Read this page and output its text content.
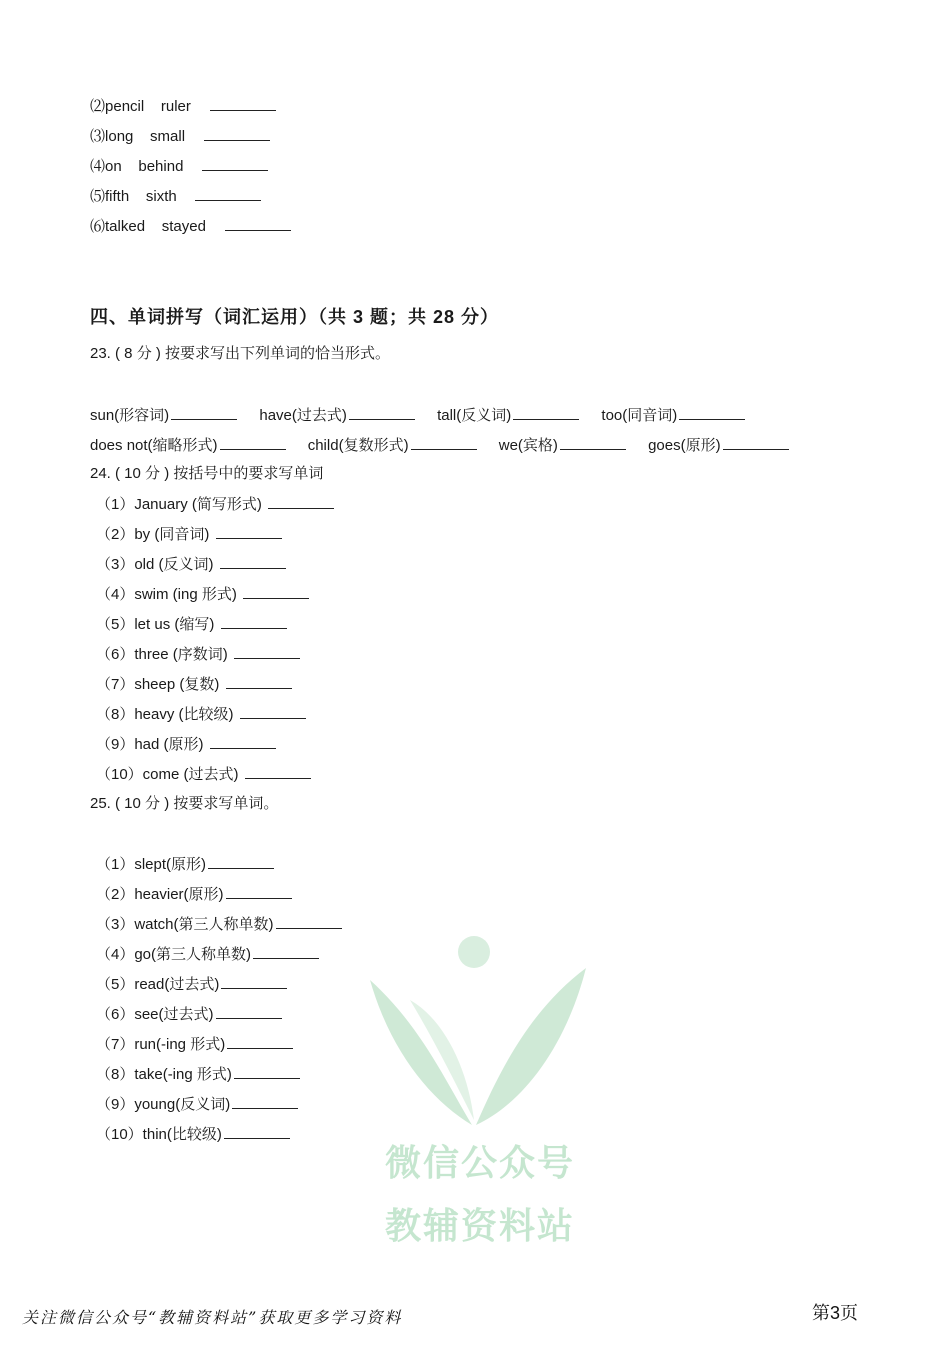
⑵pencil    ruler
⑶long    small
⑷on    behind
⑸fifth    sixth
⑹talked    stayed
四、单词拼写（词汇运用）（共 3 题；共 28 分）
23. ( 8 分 ) 按要求写出下列单词的恰当形式。
sun(形容词)	have(过去式)	tall(反义词)	too(同音词)
does not(缩略形式)	child(复数形式)	we(宾格)	goes(原形)
24. ( 10 分 ) 按括号中的要求写单词
（1）January (简写形式)
（2）by (同音词)
（3）old (反义词)
（4）swim (ing 形式)
（5）let us (缩写)
（6）three (序数词)
（7）sheep (复数)
（8）heavy (比较级)
（9）had (原形)
（10）come (过去式)
25. ( 10 分 ) 按要求写单词。
（1）slept(原形)
（2）heavier(原形)
（3）watch(第三人称单数)
（4）go(第三人称单数)
（5）read(过去式)
（6）see(过去式)
（7）run(-ing 形式)
（8）take(-ing 形式)
（9）young(反义词)
（10）thin(比较级)
微信公众号
教辅资料站
关注微信公众号“教辅资料站”获取更多学习资料	第3页
